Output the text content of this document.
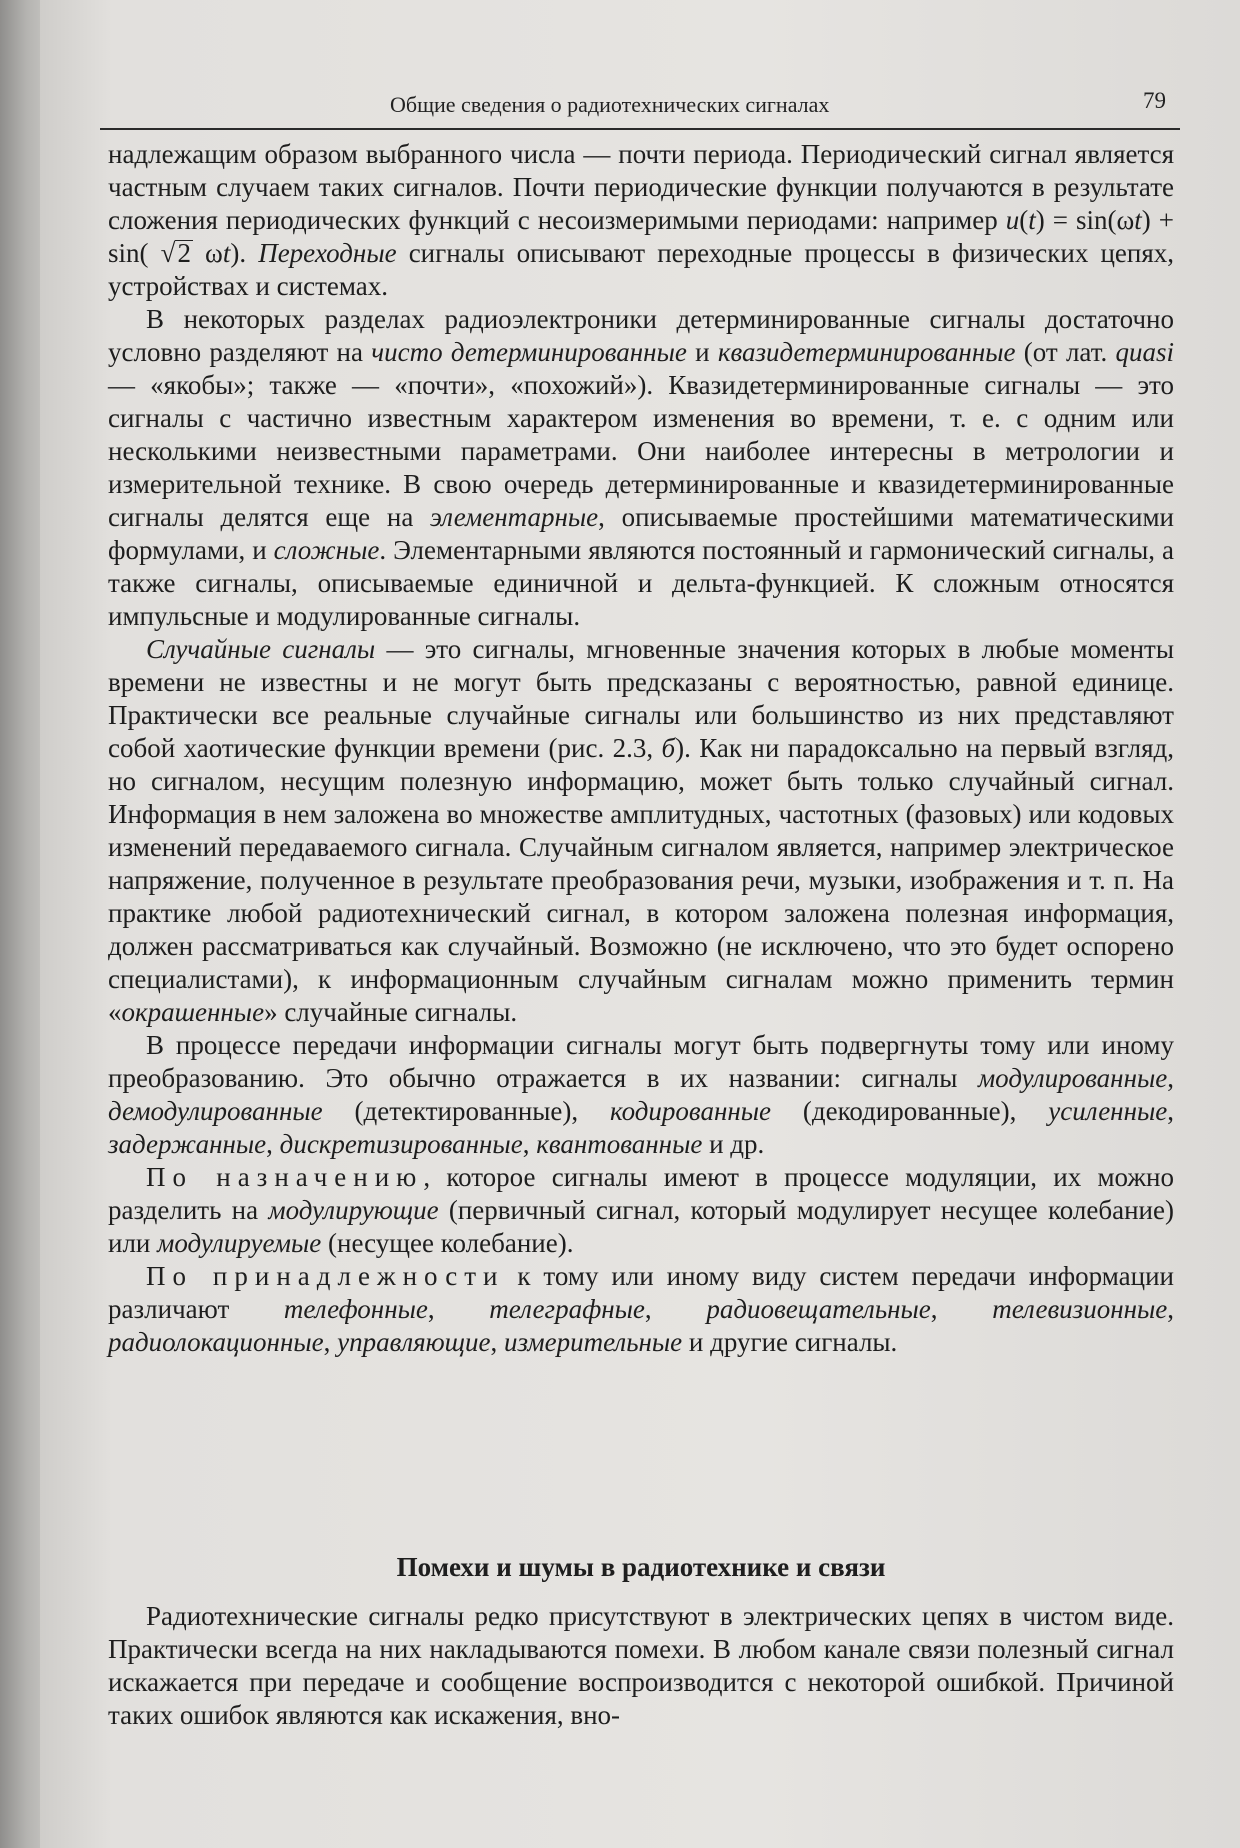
Общие сведения о радиотехнических сигналах	79

надлежащим образом выбранного числа — почти периода. Периодический сигнал является частным случаем таких сигналов. Почти периодические функции получаются в результате сложения периодических функций с несоизмеримыми периодами: например u(t) = sin(ωt) + sin( √2 ωt). Переходные сигналы описывают переходные процессы в физических цепях, устройствах и системах.

В некоторых разделах радиоэлектроники детерминированные сигналы достаточно условно разделяют на чисто детерминированные и квазидетерминированные (от лат. quasi — «якобы»; также — «почти», «похожий»). Квазидетерминированные сигналы — это сигналы с частично известным характером изменения во времени, т. е. с одним или несколькими неизвестными параметрами. Они наиболее интересны в метрологии и измерительной технике. В свою очередь детерминированные и квазидетерминированные сигналы делятся еще на элементарные, описываемые простейшими математическими формулами, и сложные. Элементарными являются постоянный и гармонический сигналы, а также сигналы, описываемые единичной и дельта-функцией. К сложным относятся импульсные и модулированные сигналы.

Случайные сигналы — это сигналы, мгновенные значения которых в любые моменты времени не известны и не могут быть предсказаны с вероятностью, равной единице. Практически все реальные случайные сигналы или большинство из них представляют собой хаотические функции времени (рис. 2.3, б). Как ни парадоксально на первый взгляд, но сигналом, несущим полезную информацию, может быть только случайный сигнал. Информация в нем заложена во множестве амплитудных, частотных (фазовых) или кодовых изменений передаваемого сигнала. Случайным сигналом является, например электрическое напряжение, полученное в результате преобразования речи, музыки, изображения и т. п. На практике любой радиотехнический сигнал, в котором заложена полезная информация, должен рассматриваться как случайный. Возможно (не исключено, что это будет оспорено специалистами), к информационным случайным сигналам можно применить термин «окрашенные» случайные сигналы.

В процессе передачи информации сигналы могут быть подвергнуты тому или иному преобразованию. Это обычно отражается в их названии: сигналы модулированные, демодулированные (детектированные), кодированные (декодированные), усиленные, задержанные, дискретизированные, квантованные и др.

По назначению, которое сигналы имеют в процессе модуляции, их можно разделить на модулирующие (первичный сигнал, который модулирует несущее колебание) или модулируемые (несущее колебание).

По принадлежности к тому или иному виду систем передачи информации различают телефонные, телеграфные, радиовещательные, телевизионные, радиолокационные, управляющие, измерительные и другие сигналы.

Помехи и шумы в радиотехнике и связи

Радиотехнические сигналы редко присутствуют в электрических цепях в чистом виде. Практически всегда на них накладываются помехи. В любом канале связи полезный сигнал искажается при передаче и сообщение воспроизводится с некоторой ошибкой. Причиной таких ошибок являются как искажения, вно-
